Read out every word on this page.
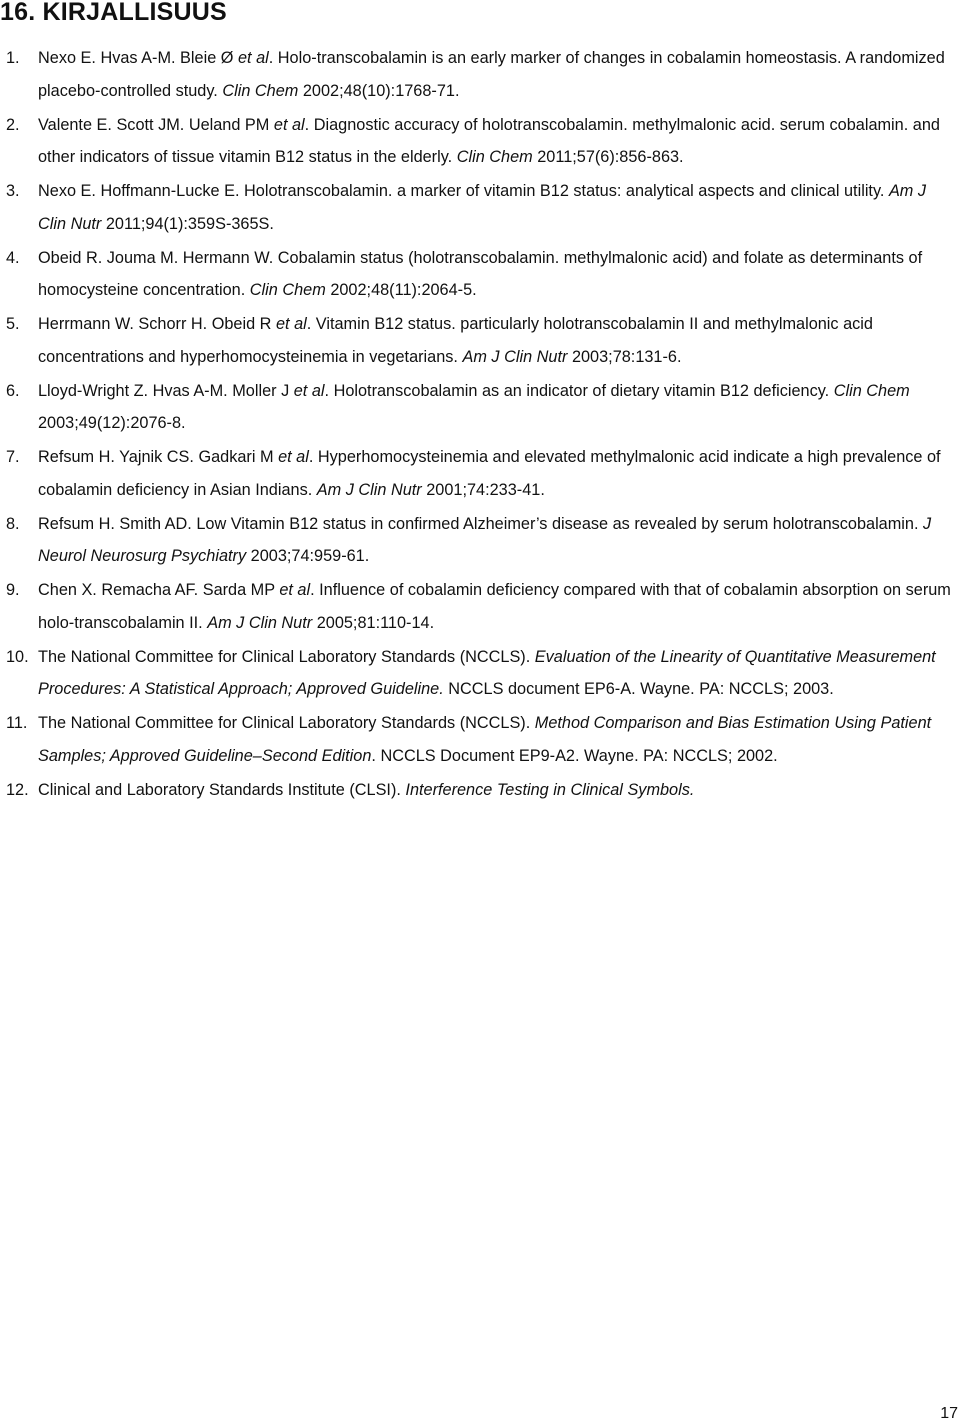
16. KIRJALLISUUS
1. Nexo E. Hvas A-M. Bleie Ø et al. Holo-transcobalamin is an early marker of changes in cobalamin homeostasis. A randomized placebo-controlled study. Clin Chem 2002;48(10):1768-71.
2. Valente E. Scott JM. Ueland PM et al. Diagnostic accuracy of holotranscobalamin. methylmalonic acid. serum cobalamin. and other indicators of tissue vitamin B12 status in the elderly. Clin Chem 2011;57(6):856-863.
3. Nexo E. Hoffmann-Lucke E. Holotranscobalamin. a marker of vitamin B12 status: analytical aspects and clinical utility. Am J Clin Nutr 2011;94(1):359S-365S.
4. Obeid R. Jouma M. Hermann W. Cobalamin status (holotranscobalamin. methylmalonic acid) and folate as determinants of homocysteine concentration. Clin Chem 2002;48(11):2064-5.
5. Herrmann W. Schorr H. Obeid R et al. Vitamin B12 status. particularly holotranscobalamin II and methylmalonic acid concentrations and hyperhomocysteinemia in vegetarians. Am J Clin Nutr 2003;78:131-6.
6. Lloyd-Wright Z. Hvas A-M. Moller J et al. Holotranscobalamin as an indicator of dietary vitamin B12 deficiency. Clin Chem 2003;49(12):2076-8.
7. Refsum H. Yajnik CS. Gadkari M et al. Hyperhomocysteinemia and elevated methylmalonic acid indicate a high prevalence of cobalamin deficiency in Asian Indians. Am J Clin Nutr 2001;74:233-41.
8. Refsum H. Smith AD. Low Vitamin B12 status in confirmed Alzheimer’s disease as revealed by serum holotranscobalamin. J Neurol Neurosurg Psychiatry 2003;74:959-61.
9. Chen X. Remacha AF. Sarda MP et al. Influence of cobalamin deficiency compared with that of cobalamin absorption on serum holo-transcobalamin II. Am J Clin Nutr 2005;81:110-14.
10. The National Committee for Clinical Laboratory Standards (NCCLS). Evaluation of the Linearity of Quantitative Measurement Procedures: A Statistical Approach; Approved Guideline. NCCLS document EP6-A. Wayne. PA: NCCLS; 2003.
11. The National Committee for Clinical Laboratory Standards (NCCLS). Method Comparison and Bias Estimation Using Patient Samples; Approved Guideline–Second Edition. NCCLS Document EP9-A2. Wayne. PA: NCCLS; 2002.
12. Clinical and Laboratory Standards Institute (CLSI). Interference Testing in Clinical Symbols.
17
